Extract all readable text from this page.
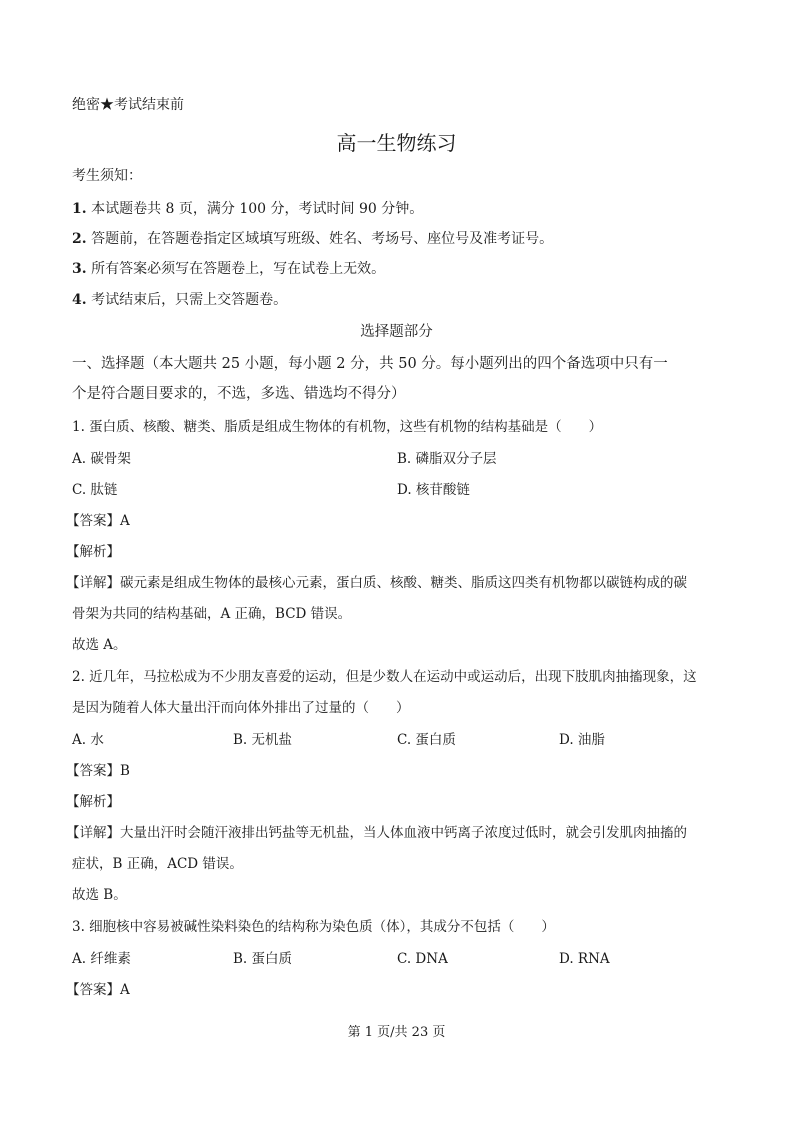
绝密★考试结束前
高一生物练习
考生须知：
1. 本试题卷共 8 页，满分 100 分，考试时间 90 分钟。
2. 答题前，在答题卷指定区域填写班级、姓名、考场号、座位号及准考证号。
3. 所有答案必须写在答题卷上，写在试卷上无效。
4. 考试结束后，只需上交答题卷。
选择题部分
一、选择题（本大题共 25 小题，每小题 2 分，共 50 分。每小题列出的四个备选项中只有一
个是符合题目要求的，不选，多选、错选均不得分）
1. 蛋白质、核酸、糖类、脂质是组成生物体的有机物，这些有机物的结构基础是（　　）
A. 碳骨架	B. 磷脂双分子层
C. 肽链	D. 核苷酸链
【答案】A
【解析】
【详解】碳元素是组成生物体的最核心元素，蛋白质、核酸、糖类、脂质这四类有机物都以碳链构成的碳
骨架为共同的结构基础，A 正确，BCD 错误。
故选 A。
2. 近几年，马拉松成为不少朋友喜爱的运动，但是少数人在运动中或运动后，出现下肢肌肉抽搐现象，这
是因为随着人体大量出汗而向体外排出了过量的（　　）
A. 水	B. 无机盐	C. 蛋白质	D. 油脂
【答案】B
【解析】
【详解】大量出汗时会随汗液排出钙盐等无机盐，当人体血液中钙离子浓度过低时，就会引发肌肉抽搐的
症状，B 正确，ACD 错误。
故选 B。
3. 细胞核中容易被碱性染料染色的结构称为染色质（体），其成分不包括（　　）
A. 纤维素	B. 蛋白质	C. DNA	D. RNA
【答案】A
第 1 页/共 23 页
